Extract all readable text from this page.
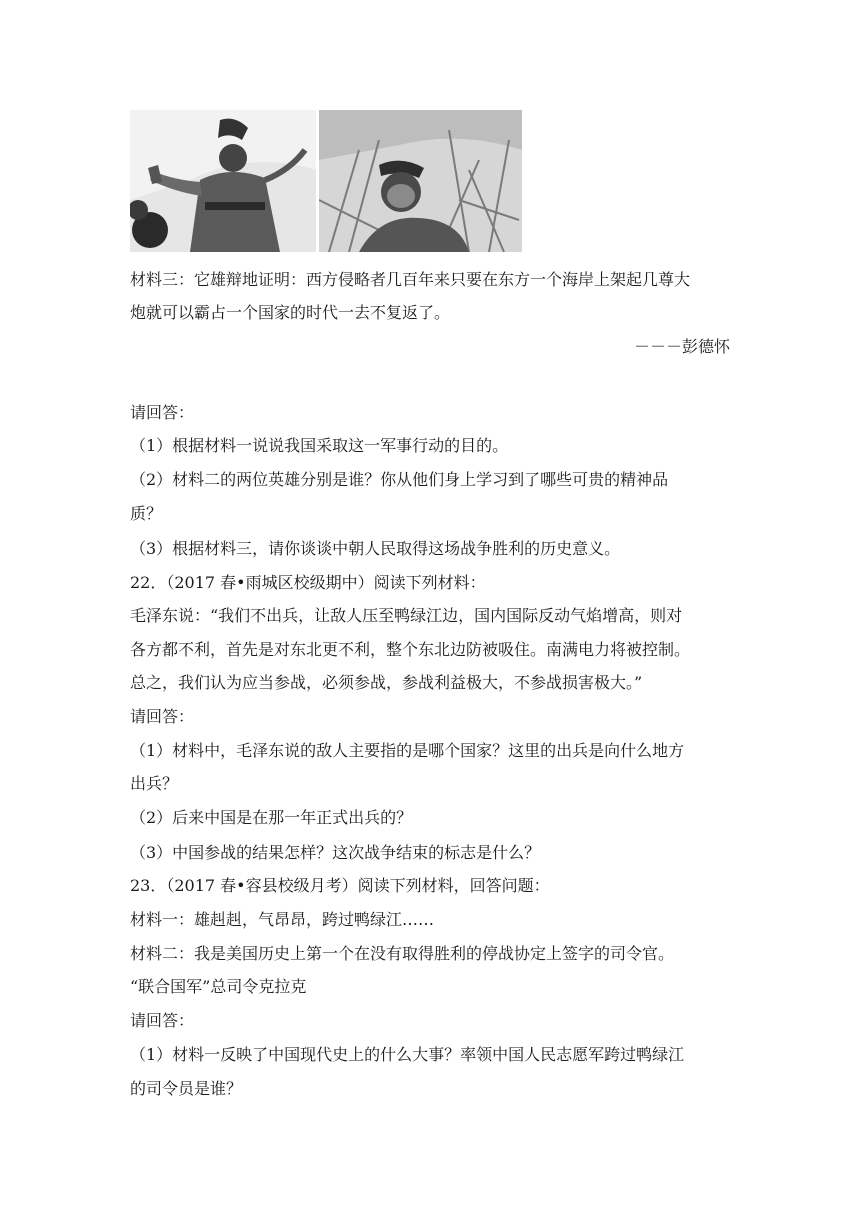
材料三：它雄辩地证明：西方侵略者几百年来只要在东方一个海岸上架起几尊大
炮就可以霸占一个国家的时代一去不复返了。
－－－彭德怀
请回答：
（1）根据材料一说说我国采取这一军事行动的目的。
（2）材料二的两位英雄分别是谁？你从他们身上学习到了哪些可贵的精神品
质？
（3）根据材料三，请你谈谈中朝人民取得这场战争胜利的历史意义。
22．（2017 春•雨城区校级期中）阅读下列材料：
毛泽东说：“我们不出兵，让敌人压至鸭绿江边，国内国际反动气焰增高，则对
各方都不利，首先是对东北更不利，整个东北边防被吸住。南满电力将被控制。
总之，我们认为应当参战，必须参战，参战利益极大，不参战损害极大。”
请回答：
（1）材料中，毛泽东说的敌人主要指的是哪个国家？这里的出兵是向什么地方
出兵？
（2）后来中国是在那一年正式出兵的？
（3）中国参战的结果怎样？这次战争结束的标志是什么？
23．（2017 春•容县校级月考）阅读下列材料，回答问题：
材料一：雄赳赳，气昂昂，跨过鸭绿江……
材料二：我是美国历史上第一个在没有取得胜利的停战协定上签字的司令官。
“联合国军”总司令克拉克
请回答：
（1）材料一反映了中国现代史上的什么大事？率领中国人民志愿军跨过鸭绿江
的司令员是谁？
